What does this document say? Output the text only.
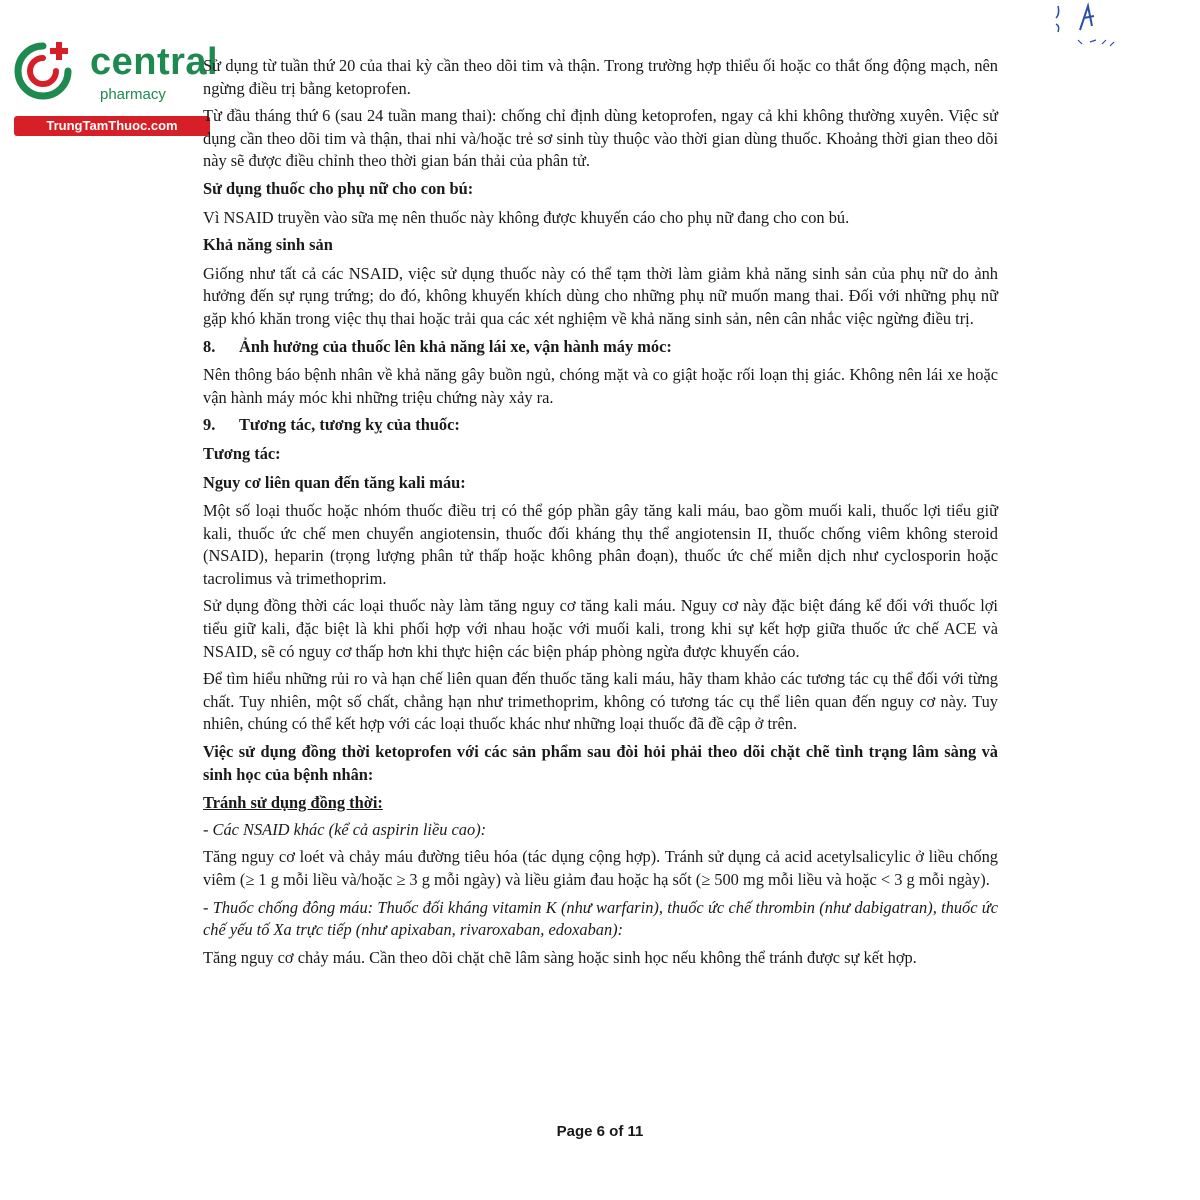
central
pharmacy
TrungTamThuoc.com

Sử dụng từ tuần thứ 20 của thai kỳ cần theo dõi tim và thận. Trong trường hợp thiểu ối hoặc co thắt ống động mạch, nên ngừng điều trị bằng ketoprofen.

Từ đầu tháng thứ 6 (sau 24 tuần mang thai): chống chỉ định dùng ketoprofen, ngay cả khi không thường xuyên. Việc sử dụng cần theo dõi tim và thận, thai nhi và/hoặc trẻ sơ sinh tùy thuộc vào thời gian dùng thuốc. Khoảng thời gian theo dõi này sẽ được điều chỉnh theo thời gian bán thải của phân tử.

Sử dụng thuốc cho phụ nữ cho con bú:

Vì NSAID truyền vào sữa mẹ nên thuốc này không được khuyến cáo cho phụ nữ đang cho con bú.

Khả năng sinh sản

Giống như tất cả các NSAID, việc sử dụng thuốc này có thể tạm thời làm giảm khả năng sinh sản của phụ nữ do ảnh hưởng đến sự rụng trứng; do đó, không khuyến khích dùng cho những phụ nữ muốn mang thai. Đối với những phụ nữ gặp khó khăn trong việc thụ thai hoặc trải qua các xét nghiệm về khả năng sinh sản, nên cân nhắc việc ngừng điều trị.

8. Ảnh hưởng của thuốc lên khả năng lái xe, vận hành máy móc:

Nên thông báo bệnh nhân về khả năng gây buồn ngủ, chóng mặt và co giật hoặc rối loạn thị giác. Không nên lái xe hoặc vận hành máy móc khi những triệu chứng này xảy ra.

9. Tương tác, tương kỵ của thuốc:

Tương tác:

Nguy cơ liên quan đến tăng kali máu:

Một số loại thuốc hoặc nhóm thuốc điều trị có thể góp phần gây tăng kali máu, bao gồm muối kali, thuốc lợi tiểu giữ kali, thuốc ức chế men chuyển angiotensin, thuốc đối kháng thụ thể angiotensin II, thuốc chống viêm không steroid (NSAID), heparin (trọng lượng phân tử thấp hoặc không phân đoạn), thuốc ức chế miễn dịch như cyclosporin hoặc tacrolimus và trimethoprim.

Sử dụng đồng thời các loại thuốc này làm tăng nguy cơ tăng kali máu. Nguy cơ này đặc biệt đáng kể đối với thuốc lợi tiểu giữ kali, đặc biệt là khi phối hợp với nhau hoặc với muối kali, trong khi sự kết hợp giữa thuốc ức chế ACE và NSAID, sẽ có nguy cơ thấp hơn khi thực hiện các biện pháp phòng ngừa được khuyến cáo.

Để tìm hiểu những rủi ro và hạn chế liên quan đến thuốc tăng kali máu, hãy tham khảo các tương tác cụ thể đối với từng chất. Tuy nhiên, một số chất, chẳng hạn như trimethoprim, không có tương tác cụ thể liên quan đến nguy cơ này. Tuy nhiên, chúng có thể kết hợp với các loại thuốc khác như những loại thuốc đã đề cập ở trên.

Việc sử dụng đồng thời ketoprofen với các sản phẩm sau đòi hỏi phải theo dõi chặt chẽ tình trạng lâm sàng và sinh học của bệnh nhân:

Tránh sử dụng đồng thời:

- Các NSAID khác (kể cả aspirin liều cao):

Tăng nguy cơ loét và chảy máu đường tiêu hóa (tác dụng cộng hợp). Tránh sử dụng cả acid acetylsalicylic ở liều chống viêm (≥ 1 g mỗi liều và/hoặc ≥ 3 g mỗi ngày) và liều giảm đau hoặc hạ sốt (≥ 500 mg mỗi liều và hoặc < 3 g mỗi ngày).

- Thuốc chống đông máu: Thuốc đối kháng vitamin K (như warfarin), thuốc ức chế thrombin (như dabigatran), thuốc ức chế yếu tố Xa trực tiếp (như apixaban, rivaroxaban, edoxaban):

Tăng nguy cơ chảy máu. Cần theo dõi chặt chẽ lâm sàng hoặc sinh học nếu không thể tránh được sự kết hợp.

Page 6 of 11
